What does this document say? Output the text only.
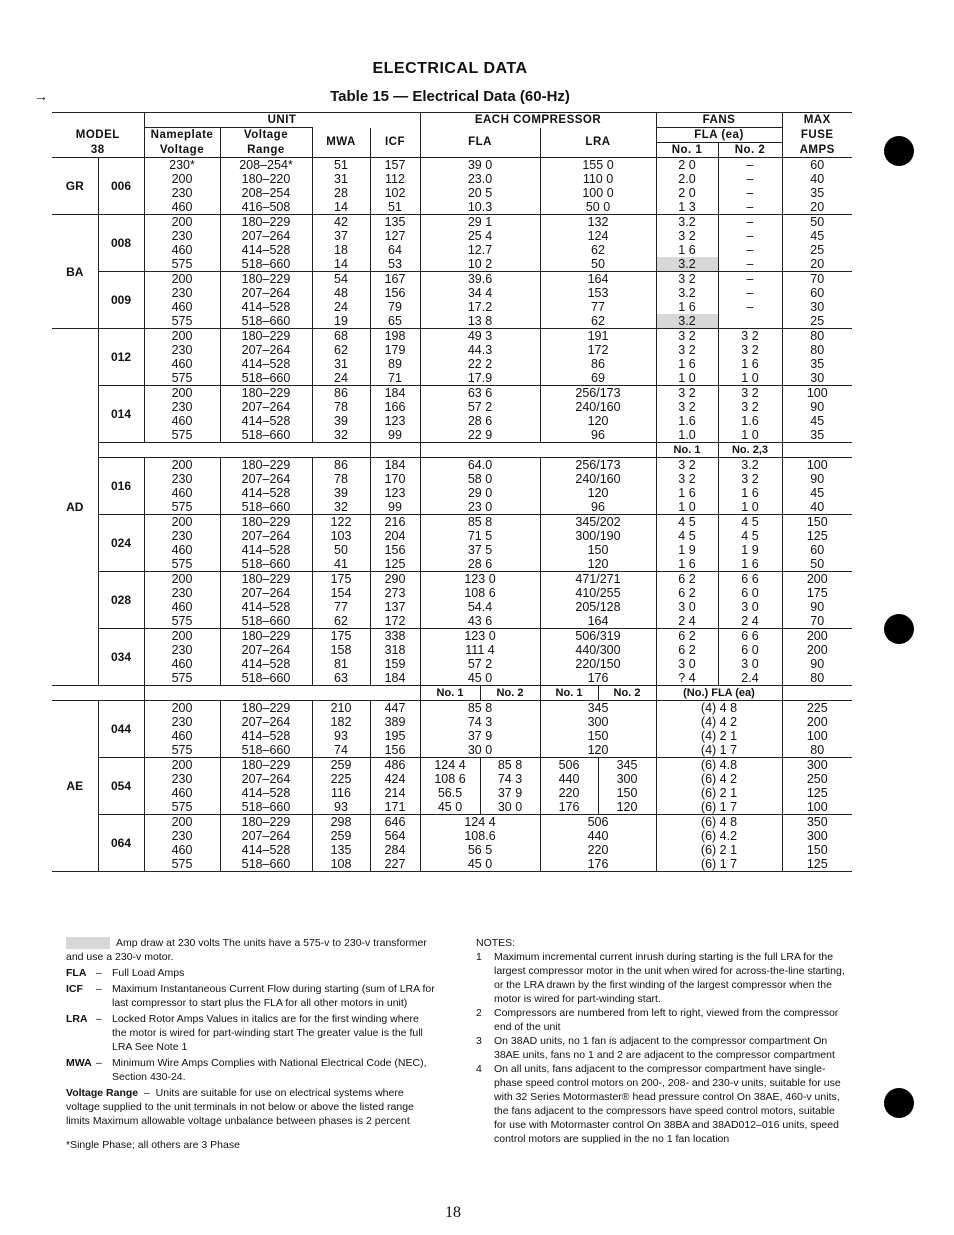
→
ELECTRICAL DATA
Table 15 — Electrical Data (60-Hz)
		UNIT				EACH COMPRESSOR				FANS		MAX
MODEL		Nameplate	Voltage	MWA	ICF	FLA		LRA		FLA (ea)		FUSE
38		Voltage	Range							No. 1	No. 2	AMPS
GR	006	230*	208–254*	51	157	39 0		155 0		2 0	–	60
		200	180–220	31	112	23.0		110 0		2.0	–	40
		230	208–254	28	102	20 5		100 0		2 0	–	35
		460	416–508	14	51	10.3		50 0		1 3	–	20
BA	008	200	180–229	42	135	29 1		132		3.2	–	50
		230	207–264	37	127	25 4		124		3 2	–	45
		460	414–528	18	64	12.7		62		1 6	–	25
		575	518–660	14	53	10 2		50		3.2	–	20
	009	200	180–229	54	167	39.6		164		3 2	–	70
		230	207–264	48	156	34 4		153		3.2	–	60
		460	414–528	24	79	17.2		77		1 6	–	30
		575	518–660	19	65	13 8		62		3.2		25
AD	012	200	180–229	68	198	49 3		191		3 2	3 2	80
		230	207–264	62	179	44.3		172		3 2	3 2	80
		460	414–528	31	89	22 2		86		1 6	1 6	35
		575	518–660	24	71	17.9		69		1 0	1 0	30
	014	200	180–229	86	184	63 6		256/173		3 2	3 2	100
		230	207–264	78	166	57 2		240/160		3 2	3 2	90
		460	414–528	39	123	28 6		120		1.6	1.6	45
		575	518–660	32	99	22 9		96		1.0	1 0	35
										No. 1	No. 2,3	
	016	200	180–229	86	184	64.0		256/173		3 2	3.2	100
		230	207–264	78	170	58 0		240/160		3 2	3 2	90
		460	414–528	39	123	29 0		120		1 6	1 6	45
		575	518–660	32	99	23 0		96		1 0	1 0	40
	024	200	180–229	122	216	85 8		345/202		4 5	4 5	150
		230	207–264	103	204	71 5		300/190		4 5	4 5	125
		460	414–528	50	156	37 5		150		1 9	1 9	60
		575	518–660	41	125	28 6		120		1 6	1 6	50
	028	200	180–229	175	290	123 0		471/271		6 2	6 6	200
		230	207–264	154	273	108 6		410/255		6 2	6 0	175
		460	414–528	77	137	54.4		205/128		3 0	3 0	90
		575	518–660	62	172	43 6		164		2 4	2 4	70
	034	200	180–229	175	338	123 0		506/319		6 2	6 6	200
		230	207–264	158	318	111 4		440/300		6 2	6 0	200
		460	414–528	81	159	57 2		220/150		3 0	3 0	90
		575	518–660	63	184	45 0		176		? 4	2.4	80
						No. 1	No. 2	No. 1	No. 2	(No.) FLA (ea)		
AE	044	200	180–229	210	447	85 8		345		(4) 4 8		225
		230	207–264	182	389	74 3		300		(4) 4 2		200
		460	414–528	93	195	37 9		150		(4) 2 1		100
		575	518–660	74	156	30 0		120		(4) 1 7		80
	054	200	180–229	259	486	124 4	85 8	506	345	(6) 4.8		300
		230	207–264	225	424	108 6	74 3	440	300	(6) 4 2		250
		460	414–528	116	214	56.5	37 9	220	150	(6) 2 1		125
		575	518–660	93	171	45 0	30 0	176	120	(6) 1 7		100
	064	200	180–229	298	646	124 4		506		(6) 4 8		350
		230	207–264	259	564	108.6		440		(6) 4.2		300
		460	414–528	135	284	56 5		220		(6) 2 1		150
		575	518–660	108	227	45 0		176		(6) 1 7		125
Amp draw at 230 volts The units have a 575-v to 230-v transformer and use a 230-v motor.
FLA – Full Load Amps
ICF	– Maximum Instantaneous Current Flow during starting (sum of LRA for last compressor to start plus the FLA for all other motors in unit)
LRA – Locked Rotor Amps Values in italics are for the first winding where the motor is wired for part-winding start The greater value is the full LRA See Note 1
MWA – Minimum Wire Amps Complies with National Electrical Code (NEC), Section 430-24.
Voltage Range  –  Units are suitable for use on electrical systems where voltage supplied to the unit terminals in not below or above the listed range limits Maximum allowable voltage unbalance between phases is 2 percent
*Single Phase; all others are 3 Phase
NOTES:
1	Maximum incremental current inrush during starting is the full LRA for the largest compressor motor in the unit when wired for across-the-line starting, or the LRA drawn by the first winding of the largest compressor when the motor is wired for part-winding start.
2	Compressors are numbered from left to right, viewed from the compressor end of the unit
3	On 38AD units, no 1 fan is adjacent to the compressor compartment On 38AE units, fans no 1 and 2 are adjacent to the compressor compartment
4	On all units, fans adjacent to the compressor compartment have single-phase speed control motors on 200-, 208- and 230-v units, suitable for use with 32 Series Motormaster® head pressure control On 38AE, 460-v units, the fans adjacent to the compressors have speed control motors, suitable for use with Motormaster control On 38BA and 38AD012–016 units, speed control motors are supplied in the no 1 fan location
18
